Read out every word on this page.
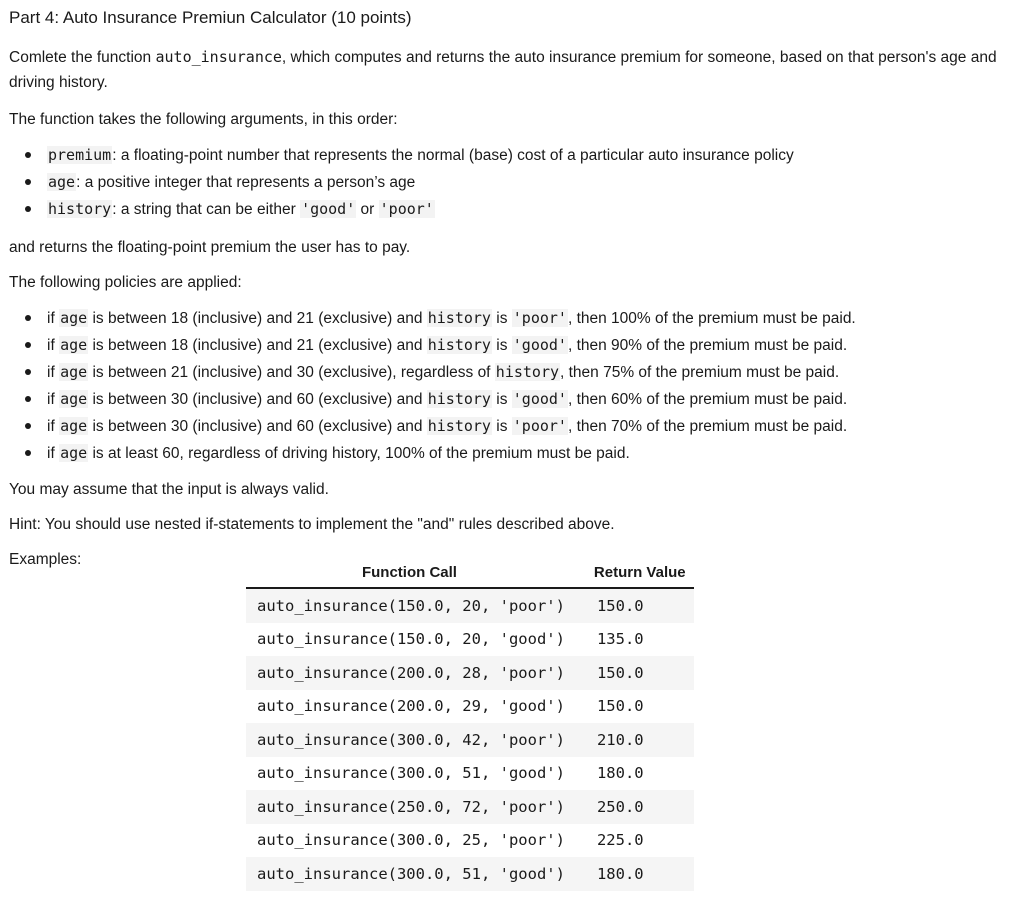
Part 4: Auto Insurance Premiun Calculator (10 points)

Comlete the function auto_insurance, which computes and returns the auto insurance premium for someone, based on that person's age and driving history.

The function takes the following arguments, in this order:

premium: a floating-point number that represents the normal (base) cost of a particular auto insurance policy
age: a positive integer that represents a person’s age
history: a string that can be either 'good' or 'poor'

and returns the floating-point premium the user has to pay.

The following policies are applied:

if age is between 18 (inclusive) and 21 (exclusive) and history is 'poor', then 100% of the premium must be paid.
if age is between 18 (inclusive) and 21 (exclusive) and history is 'good', then 90% of the premium must be paid.
if age is between 21 (inclusive) and 30 (exclusive), regardless of history, then 75% of the premium must be paid.
if age is between 30 (inclusive) and 60 (exclusive) and history is 'good', then 60% of the premium must be paid.
if age is between 30 (inclusive) and 60 (exclusive) and history is 'poor', then 70% of the premium must be paid.
if age is at least 60, regardless of driving history, 100% of the premium must be paid.

You may assume that the input is always valid.

Hint: You should use nested if-statements to implement the "and" rules described above.

Examples:

Function Call	Return Value
auto_insurance(150.0, 20, 'poor')	150.0
auto_insurance(150.0, 20, 'good')	135.0
auto_insurance(200.0, 28, 'poor')	150.0
auto_insurance(200.0, 29, 'good')	150.0
auto_insurance(300.0, 42, 'poor')	210.0
auto_insurance(300.0, 51, 'good')	180.0
auto_insurance(250.0, 72, 'poor')	250.0
auto_insurance(300.0, 25, 'poor')	225.0
auto_insurance(300.0, 51, 'good')	180.0
